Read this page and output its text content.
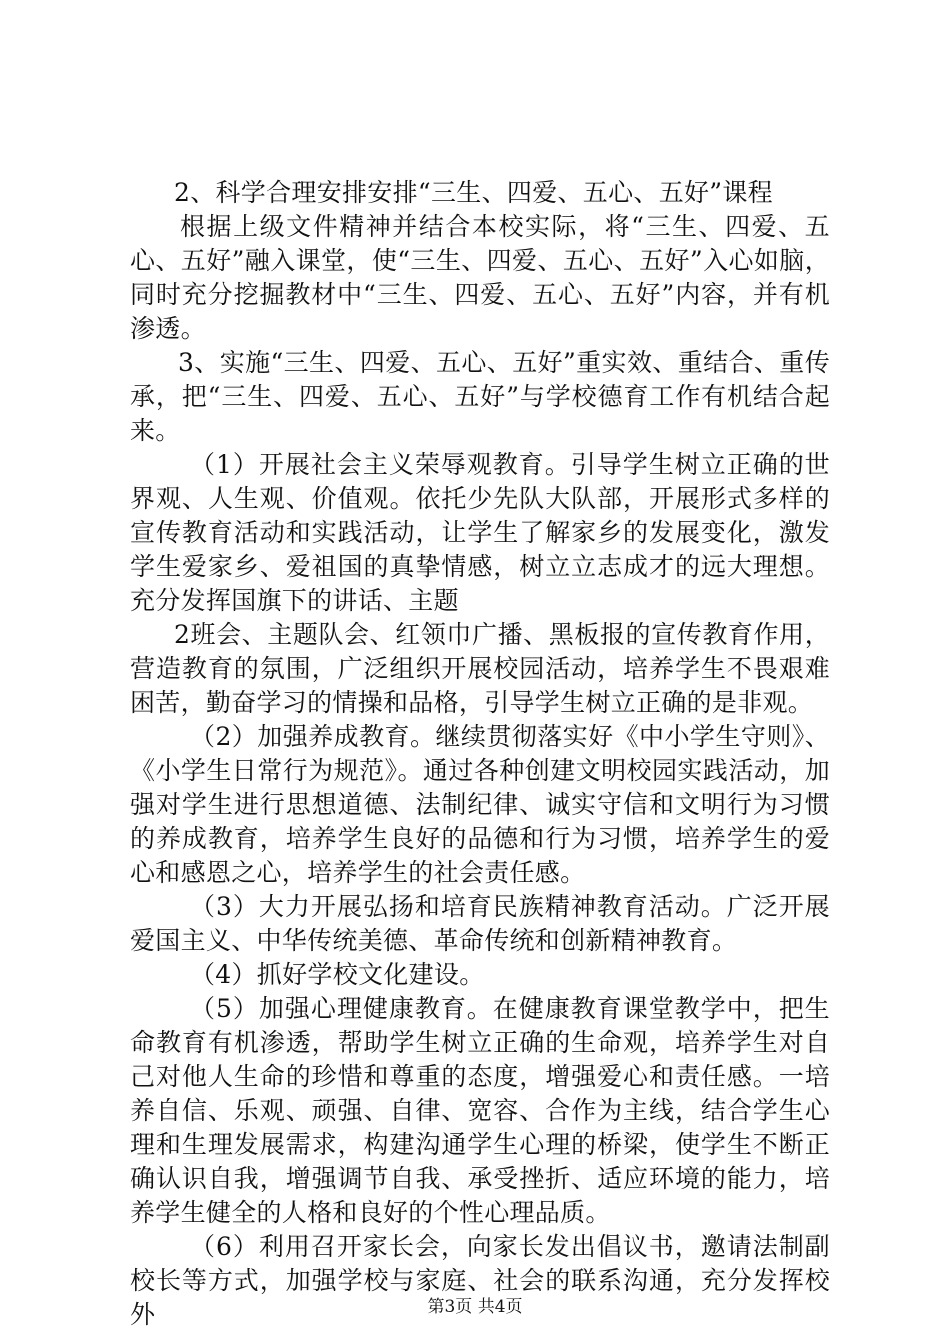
2、科学合理安排安排“三生、四爱、五心、五好”课程

根据上级文件精神并结合本校实际，将“三生、四爱、五心、五好”融入课堂，使“三生、四爱、五心、五好”入心如脑，同时充分挖掘教材中“三生、四爱、五心、五好”内容，并有机渗透。

3、实施“三生、四爱、五心、五好”重实效、重结合、重传承，把“三生、四爱、五心、五好”与学校德育工作有机结合起来。

（1）开展社会主义荣辱观教育。引导学生树立正确的世界观、人生观、价值观。依托少先队大队部，开展形式多样的宣传教育活动和实践活动，让学生了解家乡的发展变化，激发学生爱家乡、爱祖国的真挚情感，树立立志成才的远大理想。充分发挥国旗下的讲话、主题

2班会、主题队会、红领巾广播、黑板报的宣传教育作用，营造教育的氛围，广泛组织开展校园活动，培养学生不畏艰难困苦，勤奋学习的情操和品格，引导学生树立正确的是非观。

（2）加强养成教育。继续贯彻落实好《中小学生守则》、《小学生日常行为规范》。通过各种创建文明校园实践活动，加强对学生进行思想道德、法制纪律、诚实守信和文明行为习惯的养成教育，培养学生良好的品德和行为习惯，培养学生的爱心和感恩之心，培养学生的社会责任感。

（3）大力开展弘扬和培育民族精神教育活动。广泛开展爱国主义、中华传统美德、革命传统和创新精神教育。

（4）抓好学校文化建设。

（5）加强心理健康教育。在健康教育课堂教学中，把生命教育有机渗透，帮助学生树立正确的生命观，培养学生对自己对他人生命的珍惜和尊重的态度，增强爱心和责任感。一培养自信、乐观、顽强、自律、宽容、合作为主线，结合学生心理和生理发展需求，构建沟通学生心理的桥梁，使学生不断正确认识自我，增强调节自我、承受挫折、适应环境的能力，培养学生健全的人格和良好的个性心理品质。

（6）利用召开家长会，向家长发出倡议书，邀请法制副校长等方式，加强学校与家庭、社会的联系沟通，充分发挥校外	第3页 共4页
